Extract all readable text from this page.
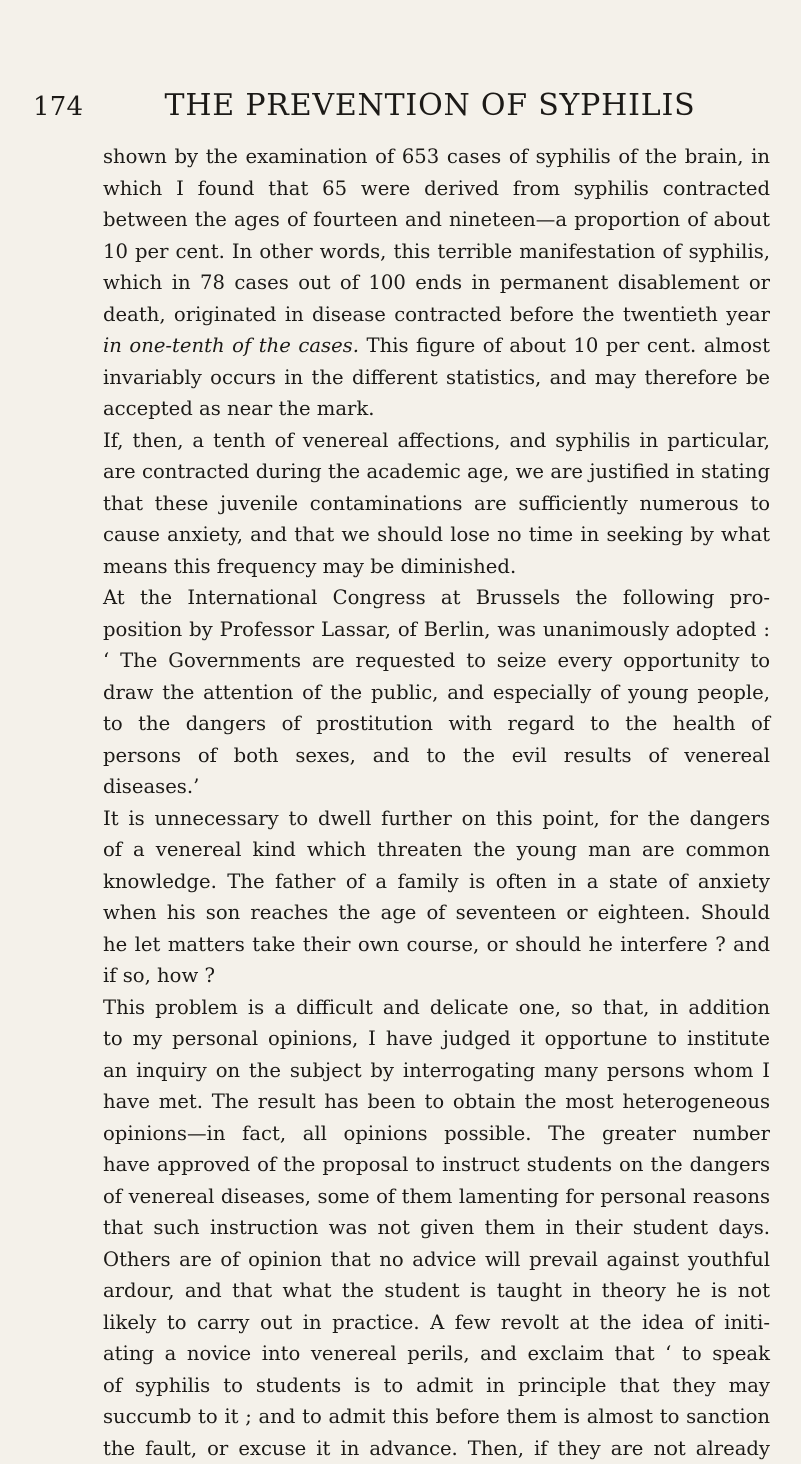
174	THE PREVENTION OF SYPHILIS
shown by the examination of 653 cases of syphilis of the brain, in
which I found that 65 were derived from syphilis contracted
between the ages of fourteen and nineteen—a proportion of about
10 per cent. In other words, this terrible manifestation of syphilis,
which in 78 cases out of 100 ends in permanent disablement or
death, originated in disease contracted before the twentieth year
in one-tenth of the cases. This figure of about 10 per cent. almost
invariably occurs in the different statistics, and may therefore be
accepted as near the mark.
If, then, a tenth of venereal affections, and syphilis in particular,
are contracted during the academic age, we are justified in stating
that these juvenile contaminations are sufficiently numerous to
cause anxiety, and that we should lose no time in seeking by what
means this frequency may be diminished.
At the International Congress at Brussels the following pro-
position by Professor Lassar, of Berlin, was unanimously adopted :
‘ The Governments are requested to seize every opportunity to
draw the attention of the public, and especially of young people,
to the dangers of prostitution with regard to the health of
persons of both sexes, and to the evil results of venereal
diseases.’
It is unnecessary to dwell further on this point, for the dangers
of a venereal kind which threaten the young man are common
knowledge. The father of a family is often in a state of anxiety
when his son reaches the age of seventeen or eighteen. Should
he let matters take their own course, or should he interfere ? and
if so, how ?
This problem is a difficult and delicate one, so that, in addition
to my personal opinions, I have judged it opportune to institute
an inquiry on the subject by interrogating many persons whom I
have met. The result has been to obtain the most heterogeneous
opinions—in fact, all opinions possible. The greater number
have approved of the proposal to instruct students on the dangers
of venereal diseases, some of them lamenting for personal reasons
that such instruction was not given them in their student days.
Others are of opinion that no advice will prevail against youthful
ardour, and that what the student is taught in theory he is not
likely to carry out in practice. A few revolt at the idea of initi-
ating a novice into venereal perils, and exclaim that ‘ to speak
of syphilis to students is to admit in principle that they may
succumb to it ; and to admit this before them is almost to sanction
the fault, or excuse it in advance. Then, if they are not already
